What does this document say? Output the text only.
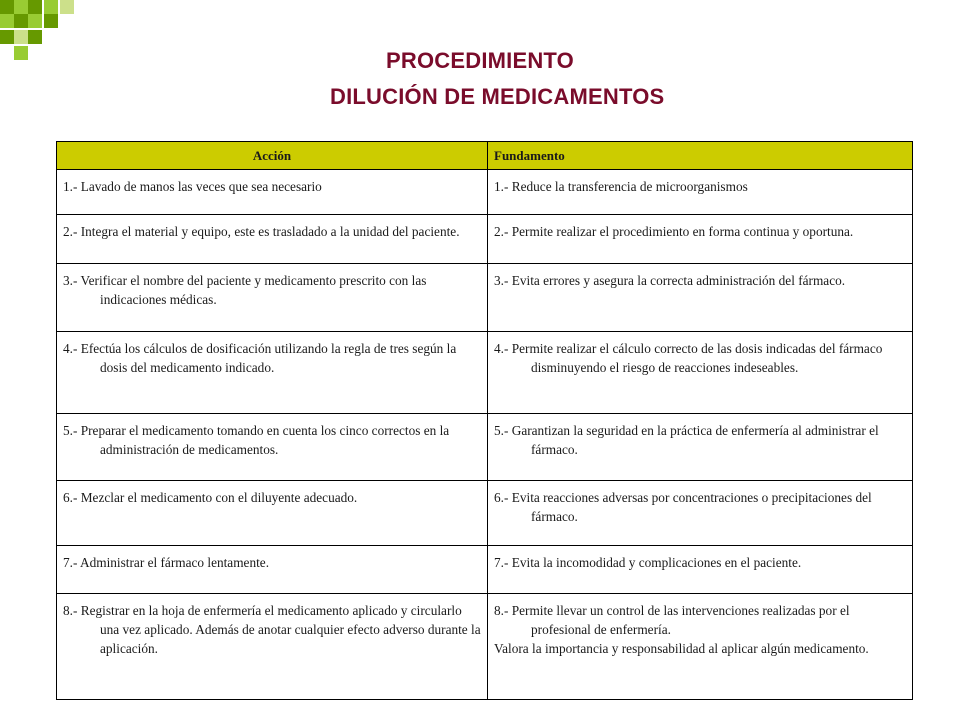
PROCEDIMIENTO
DILUCIÓN DE MEDICAMENTOS
Acción	Fundamento

1.- Lavado de manos las veces que sea necesario	1.- Reduce la transferencia de microorganismos

2.- Integra el material y equipo, este es trasladado a la unidad del paciente.	2.- Permite realizar el procedimiento en forma continua y oportuna.

3.- Verificar el nombre del paciente y medicamento prescrito con las indicaciones médicas.	3.- Evita errores y asegura la correcta administración del fármaco.

4.- Efectúa los cálculos de dosificación utilizando la regla de tres según la dosis del medicamento indicado.	4.- Permite realizar el cálculo correcto de las dosis indicadas del fármaco disminuyendo el riesgo de reacciones indeseables.

5.- Preparar el medicamento tomando en cuenta los cinco correctos en la administración de medicamentos.	5.- Garantizan la seguridad en la práctica de enfermería al administrar el fármaco.

6.- Mezclar el medicamento con el diluyente adecuado.	6.- Evita reacciones adversas por concentraciones o precipitaciones del fármaco.

7.- Administrar el fármaco lentamente.	7.- Evita la incomodidad y complicaciones en el paciente.

8.- Registrar en la hoja de enfermería el medicamento aplicado y circularlo una vez aplicado. Además de anotar cualquier efecto adverso durante la aplicación.	8.- Permite llevar un control de las intervenciones realizadas por el profesional de enfermería.

Valora la importancia y responsabilidad al aplicar algún medicamento.
